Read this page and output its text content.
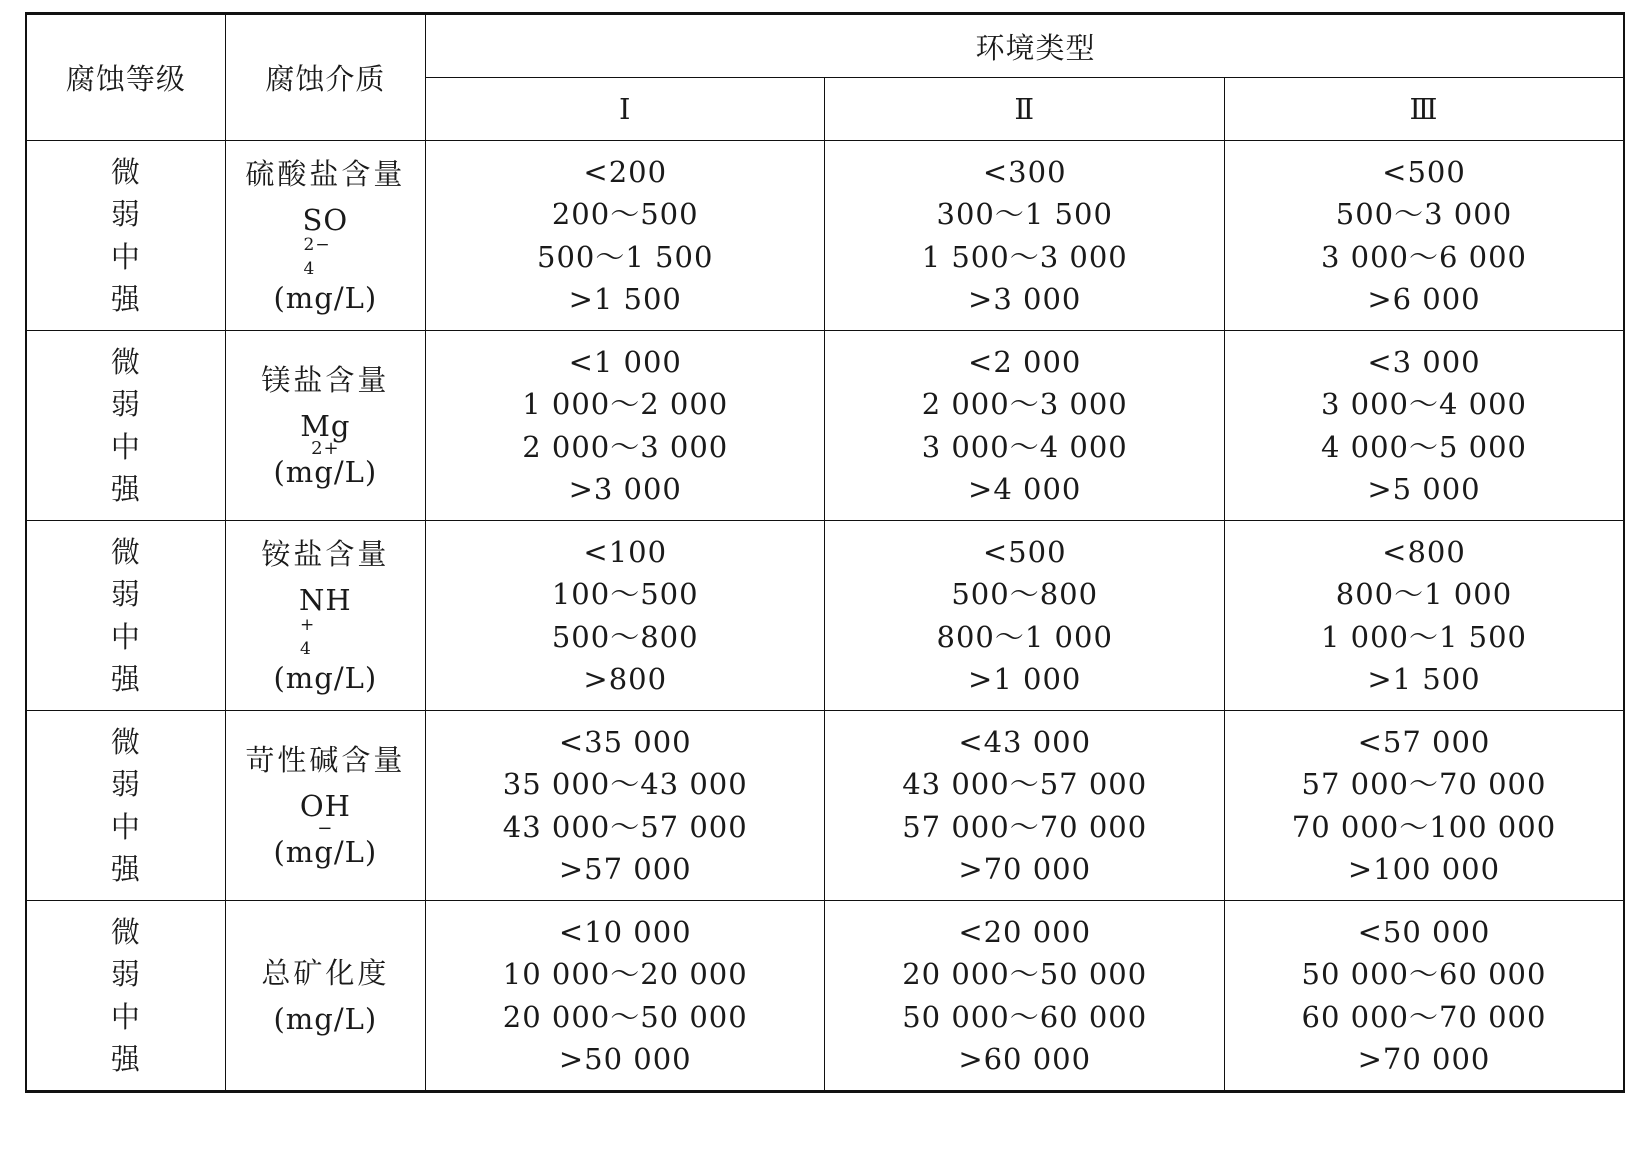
腐蚀等级	腐蚀介质	环境类型		
		Ⅰ	Ⅱ	Ⅲ

微
弱
中
强	硫酸盐含量
SO
2−
4
(mg/L)	<200
200～500
500～1 500
>1 500	<300
300～1 500
1 500～3 000
>3 000	<500
500～3 000
3 000～6 000
>6 000

微
弱
中
强	镁盐含量
Mg
2+
(mg/L)	<1 000
1 000～2 000
2 000～3 000
>3 000	<2 000
2 000～3 000
3 000～4 000
>4 000	<3 000
3 000～4 000
4 000～5 000
>5 000

微
弱
中
强	铵盐含量
NH
+
4
(mg/L)	<100
100～500
500～800
>800	<500
500～800
800～1 000
>1 000	<800
800～1 000
1 000～1 500
>1 500

微
弱
中
强	苛性碱含量
OH
−
(mg/L)	<35 000
35 000～43 000
43 000～57 000
>57 000	<43 000
43 000～57 000
57 000～70 000
>70 000	<57 000
57 000～70 000
70 000～100 000
>100 000

微
弱
中
强	总矿化度
(mg/L)	<10 000
10 000～20 000
20 000～50 000
>50 000	<20 000
20 000～50 000
50 000～60 000
>60 000	<50 000
50 000～60 000
60 000～70 000
>70 000
